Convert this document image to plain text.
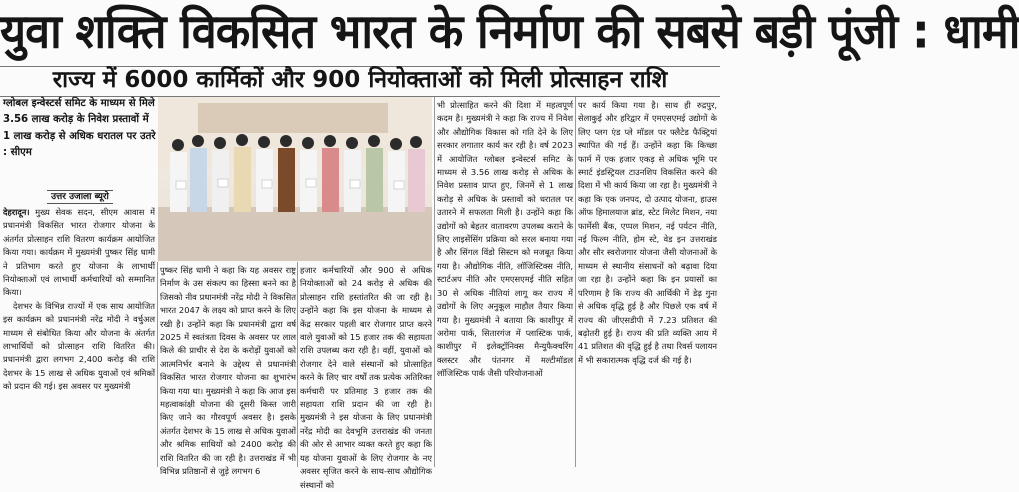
युवा शक्ति विकसित भारत के निर्माण की सबसे बड़ी पूंजी : धामी
राज्य में 6000 कार्मिकों और 900 नियोक्ताओं को मिली प्रोत्साहन राशि
ग्लोबल इन्वेस्टर्स समिट के माध्यम से मिले 3.56 लाख करोड़ के निवेश प्रस्तावों में 1 लाख करोड़ से अधिक धरातल पर उतरे : सीएम
उत्तर उजाला ब्यूरो

देहरादून। मुख्य सेवक सदन, सीएम आवास में प्रधानमंत्री विकसित भारत रोजगार योजना के अंतर्गत प्रोत्साहन राशि वितरण कार्यक्रम आयोजित किया गया। कार्यक्रम में मुख्यमंत्री पुष्कर सिंह धामी ने प्रतिभाग करते हुए योजना के लाभार्थी नियोक्ताओं एवं लाभार्थी कर्मचारियों को सम्मानित किया।

देशभर के विभिन्न राज्यों में एक साथ आयोजित इस कार्यक्रम को प्रधानमंत्री नरेंद्र मोदी ने वर्चुअल माध्यम से संबोधित किया और योजना के अंतर्गत लाभार्थियों को प्रोत्साहन राशि वितरित की। प्रधानमंत्री द्वारा लगभग 2,400 करोड़ की राशि देशभर के 15 लाख से अधिक युवाओं एवं श्रमिकों को प्रदान की गई। इस अवसर पर मुख्यमंत्री

पुष्कर सिंह धामी ने कहा कि यह अवसर राष्ट्र निर्माण के उस संकल्प का हिस्सा बनने का है जिसको नीव प्रधानमंत्री नरेंद्र मोदी ने विकसित भारत 2047 के लक्ष्य को प्राप्त करने के लिए रखी है। उन्होंने कहा कि प्रधानमंत्री द्वारा वर्ष 2025 में स्वतंत्रता दिवस के अवसर पर लाल किले की प्राचीर से देश के करोड़ों युवाओं को आत्मनिर्भर बनाने के उद्देश्य से प्रधानमंत्री विकसित भारत रोजगार योजना का शुभारंभ किया गया था। मुख्यमंत्री ने कहा कि आज इस महत्वाकांक्षी योजना की दूसरी किस्त जारी किए जाने का गौरवपूर्ण अवसर है। इसके अंतर्गत देशभर के 15 लाख से अधिक युवाओं और श्रमिक साथियों को 2400 करोड़ की राशि वितरित की जा रही है। उत्तराखंड में भी विभिन्न प्रतिष्ठानों से जुड़े लगभग 6

हजार कर्मचारियों और 900 से अधिक नियोक्ताओं को 24 करोड़ से अधिक की प्रोत्साहन राशि हस्तांतरित की जा रही है। उन्होंने कहा कि इस योजना के माध्यम से केंद्र सरकार पहली बार रोजगार प्राप्त करने वाले युवाओं को 15 हजार तक की सहायता राशि उपलब्ध करा रही है। वहीं, युवाओं को रोजगार देने वाले संस्थानों को प्रोत्साहित करने के लिए चार वर्षों तक प्रत्येक अतिरिक्त कर्मचारी पर प्रतिमाह 3 हजार तक की सहायता राशि प्रदान की जा रही है। मुख्यमंत्री ने इस योजना के लिए प्रधानमंत्री नरेंद्र मोदी का देवभूमि उत्तराखंड की जनता की ओर से आभार व्यक्त करते हुए कहा कि यह योजना युवाओं के लिए रोजगार के नए अवसर सृजित करने के साथ-साथ औद्योगिक संस्थानों को

भी प्रोत्साहित करने की दिशा में महत्वपूर्ण कदम है। मुख्यमंत्री ने कहा कि राज्य में निवेश और औद्योगिक विकास को गति देने के लिए सरकार लगातार कार्य कर रही है। वर्ष 2023 में आयोजित ग्लोबल इन्वेस्टर्स समिट के माध्यम से 3.56 लाख करोड़ से अधिक के निवेश प्रस्ताव प्राप्त हुए, जिनमें से 1 लाख करोड़ से अधिक के प्रस्तावों को धरातल पर उतारने में सफलता मिली है। उन्होंने कहा कि उद्योगों को बेहतर वातावरण उपलब्ध कराने के लिए लाइसेंसिंग प्रक्रिया को सरल बनाया गया है और सिंगल विंडो सिस्टम को मजबूत किया गया है। औद्योगिक नीति, लॉजिस्टिक्स नीति, स्टार्टअप नीति और एमएसएमई नीति सहित 30 से अधिक नीतियां लागू कर राज्य में उद्योगों के लिए अनुकूल माहौल तैयार किया गया है। मुख्यमंत्री ने बताया कि काशीपुर में अरोमा पार्क, सितारगंज में प्लास्टिक पार्क, काशीपुर में इलेक्ट्रॉनिक्स मैन्युफैक्चरिंग क्लस्टर और पंतनगर में मल्टीमॉडल लॉजिस्टिक पार्क जैसी परियोजनाओं

पर कार्य किया गया है। साथ ही रुद्रपुर, सेलाकुई और हरिद्वार में एमएसएमई उद्योगों के लिए प्लग एंड प्ले मॉडल पर फ्लैटेड फैक्ट्रियां स्थापित की गई हैं। उन्होंने कहा कि किच्छा फार्म में एक हजार एकड़ से अधिक भूमि पर स्मार्ट इंडस्ट्रियल टाउनशिप विकसित करने की दिशा में भी कार्य किया जा रहा है। मुख्यमंत्री ने कहा कि एक जनपद, दो उत्पाद योजना, हाउस ऑफ हिमालयाज ब्रांड, स्टेट मिलेट मिशन, नया फार्मेसी बैंक, एप्पल मिशन, नई पर्यटन नीति, नई फिल्म नीति, होम स्टे, वेड इन उत्तराखंड और सौर स्वरोजगार योजना जैसी योजनाओं के माध्यम से स्थानीय संसाधनों को बढ़ावा दिया जा रहा है। उन्होंने कहा कि इन प्रयासों का परिणाम है कि राज्य की आर्थिकी में डेढ़ गुना से अधिक वृद्धि हुई है और पिछले एक वर्ष में राज्य की जीएसडीपी में 7.23 प्रतिशत की बढ़ोतरी हुई है। राज्य की प्रति व्यक्ति आय में 41 प्रतिशत की वृद्धि हुई है तथा रिवर्स पलायन में भी सकारात्मक वृद्धि दर्ज की गई है।
